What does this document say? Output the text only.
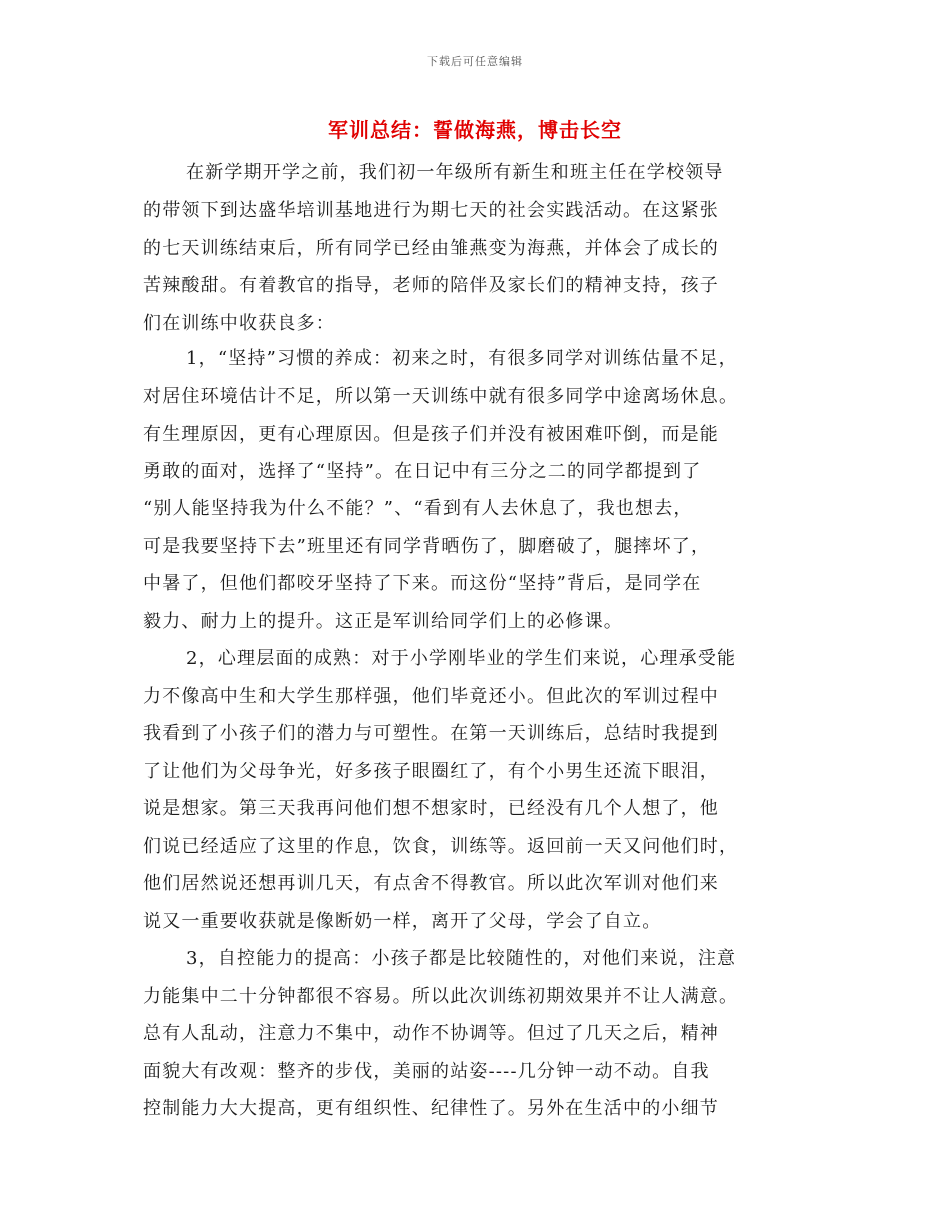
下载后可任意编辑
军训总结：誓做海燕，博击长空
在新学期开学之前，我们初一年级所有新生和班主任在学校领导
的带领下到达盛华培训基地进行为期七天的社会实践活动。在这紧张
的七天训练结束后，所有同学已经由雏燕变为海燕，并体会了成长的
苦辣酸甜。有着教官的指导，老师的陪伴及家长们的精神支持，孩子
们在训练中收获良多：
1，“坚持”习惯的养成：初来之时，有很多同学对训练估量不足，
对居住环境估计不足，所以第一天训练中就有很多同学中途离场休息。
有生理原因，更有心理原因。但是孩子们并没有被困难吓倒，而是能
勇敢的面对，选择了“坚持”。在日记中有三分之二的同学都提到了
“别人能坚持我为什么不能？”、“看到有人去休息了，我也想去，
可是我要坚持下去”班里还有同学背晒伤了，脚磨破了，腿摔坏了，
中暑了，但他们都咬牙坚持了下来。而这份“坚持”背后，是同学在
毅力、耐力上的提升。这正是军训给同学们上的必修课。
2，心理层面的成熟：对于小学刚毕业的学生们来说，心理承受能
力不像高中生和大学生那样强，他们毕竟还小。但此次的军训过程中
我看到了小孩子们的潜力与可塑性。在第一天训练后，总结时我提到
了让他们为父母争光，好多孩子眼圈红了，有个小男生还流下眼泪，
说是想家。第三天我再问他们想不想家时，已经没有几个人想了，他
们说已经适应了这里的作息，饮食，训练等。返回前一天又问他们时，
他们居然说还想再训几天，有点舍不得教官。所以此次军训对他们来
说又一重要收获就是像断奶一样，离开了父母，学会了自立。
3，自控能力的提高：小孩子都是比较随性的，对他们来说，注意
力能集中二十分钟都很不容易。所以此次训练初期效果并不让人满意。
总有人乱动，注意力不集中，动作不协调等。但过了几天之后，精神
面貌大有改观：整齐的步伐，美丽的站姿----几分钟一动不动。自我
控制能力大大提高，更有组织性、纪律性了。另外在生活中的小细节
